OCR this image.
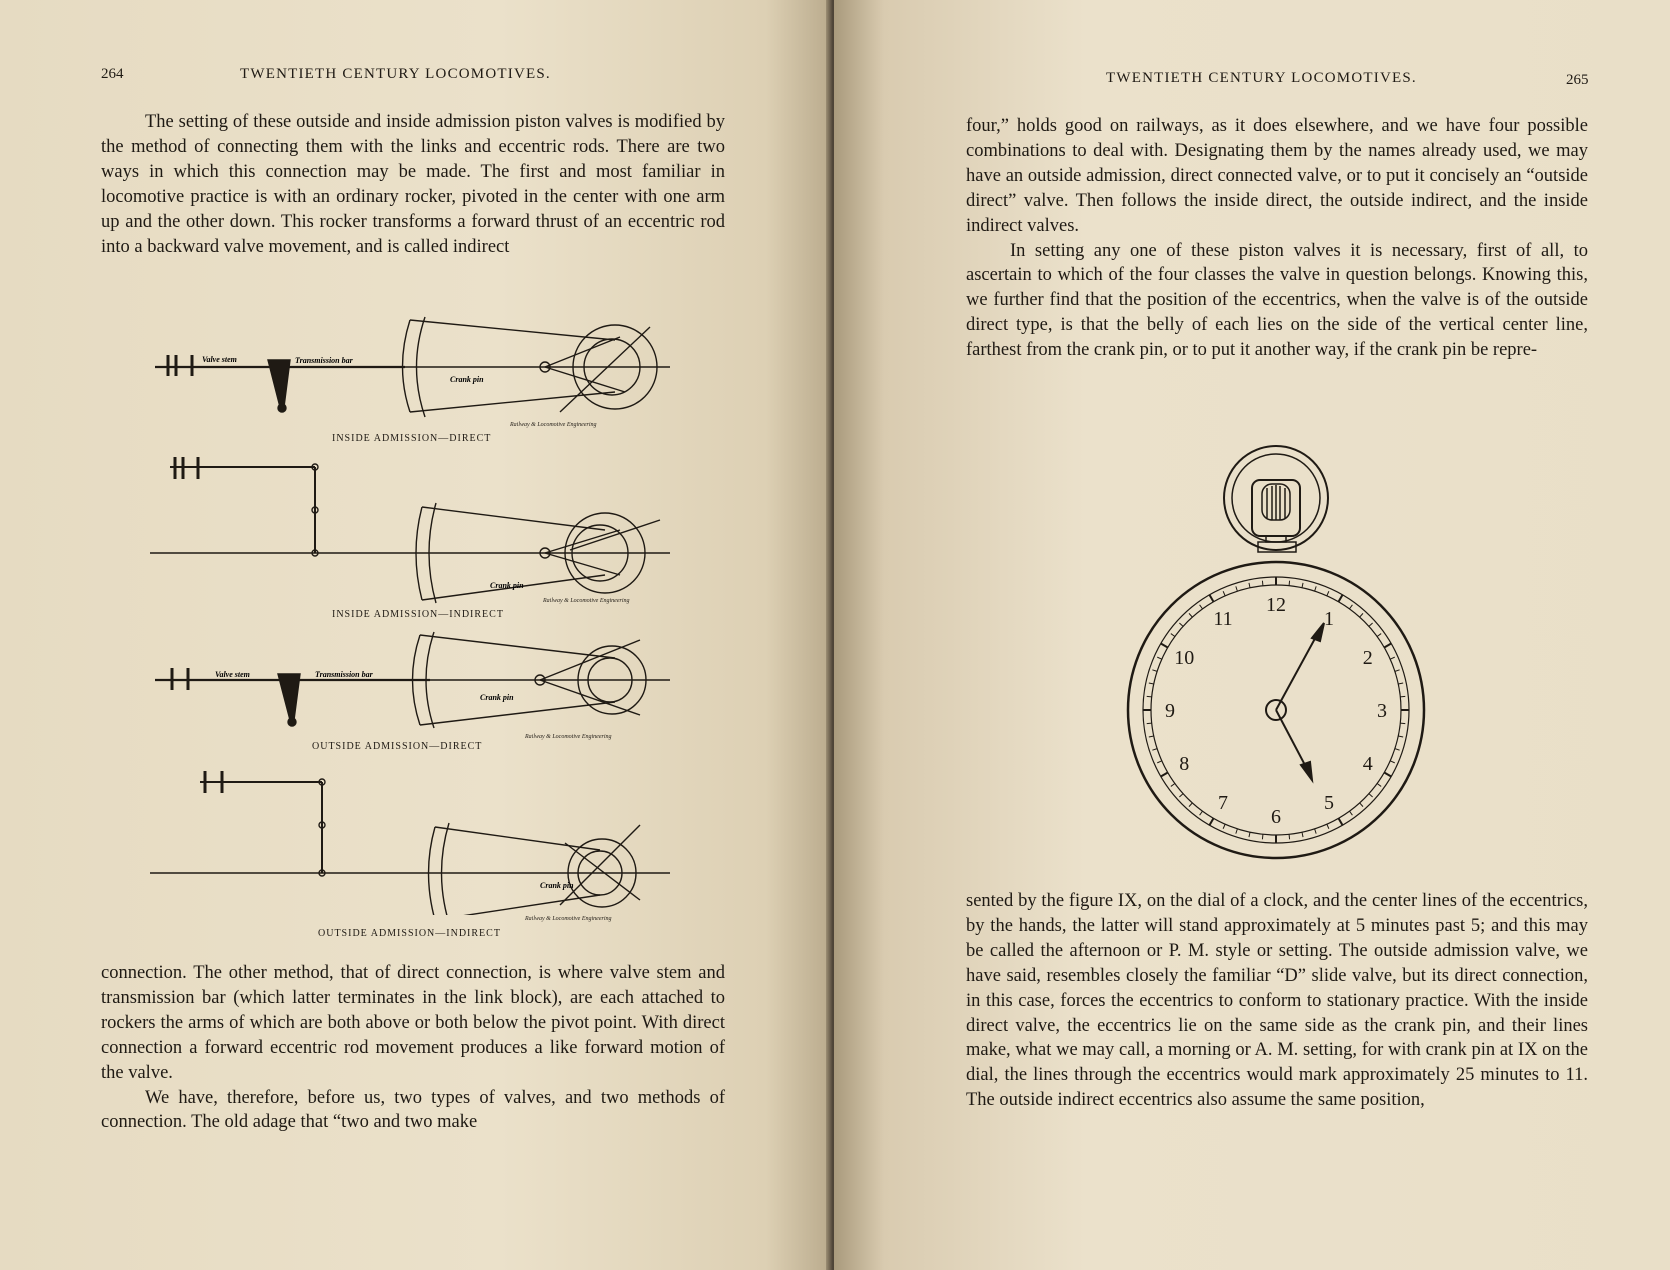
264	TWENTIETH CENTURY LOCOMOTIVES.

The setting of these outside and inside admission piston valves is modified by the method of connecting them with the links and eccentric rods. There are two ways in which this connection may be made. The first and most familiar in locomotive practice is with an ordinary rocker, pivoted in the center with one arm up and the other down. This rocker transforms a forward thrust of an eccentric rod into a backward valve movement, and is called indirect

Valve stem	Transmission bar
Crank pin
Railway & Locomotive Engineering
INSIDE ADMISSION—DIRECT
Crank pin
Railway & Locomotive Engineering
INSIDE ADMISSION—INDIRECT
Valve stem	Transmission bar
Crank pin
Railway & Locomotive Engineering
OUTSIDE ADMISSION—DIRECT
Crank pin
Railway & Locomotive Engineering
OUTSIDE ADMISSION—INDIRECT

connection. The other method, that of direct connection, is where valve stem and transmission bar (which latter terminates in the link block), are each attached to rockers the arms of which are both above or both below the pivot point. With direct connection a forward eccentric rod movement produces a like forward motion of the valve.

We have, therefore, before us, two types of valves, and two methods of connection. The old adage that “two and two make

TWENTIETH CENTURY LOCOMOTIVES.	265

four,” holds good on railways, as it does elsewhere, and we have four possible combinations to deal with. Designating them by the names already used, we may have an outside admission, direct connected valve, or to put it concisely an “outside direct” valve. Then follows the inside direct, the outside indirect, and the inside indirect valves.

In setting any one of these piston valves it is necessary, first of all, to ascertain to which of the four classes the valve in question belongs. Knowing this, we further find that the position of the eccentrics, when the valve is of the outside direct type, is that the belly of each lies on the side of the vertical center line, farthest from the crank pin, or to put it another way, if the crank pin be repre-

12
1
2
3
4
5
6
7
8
9
10
11

sented by the figure IX, on the dial of a clock, and the center lines of the eccentrics, by the hands, the latter will stand approximately at 5 minutes past 5; and this may be called the afternoon or P. M. style or setting. The outside admission valve, we have said, resembles closely the familiar “D” slide valve, but its direct connection, in this case, forces the eccentrics to conform to stationary practice. With the inside direct valve, the eccentrics lie on the same side as the crank pin, and their lines make, what we may call, a morning or A. M. setting, for with crank pin at IX on the dial, the lines through the eccentrics would mark approximately 25 minutes to 11. The outside indirect eccentrics also assume the same position,
